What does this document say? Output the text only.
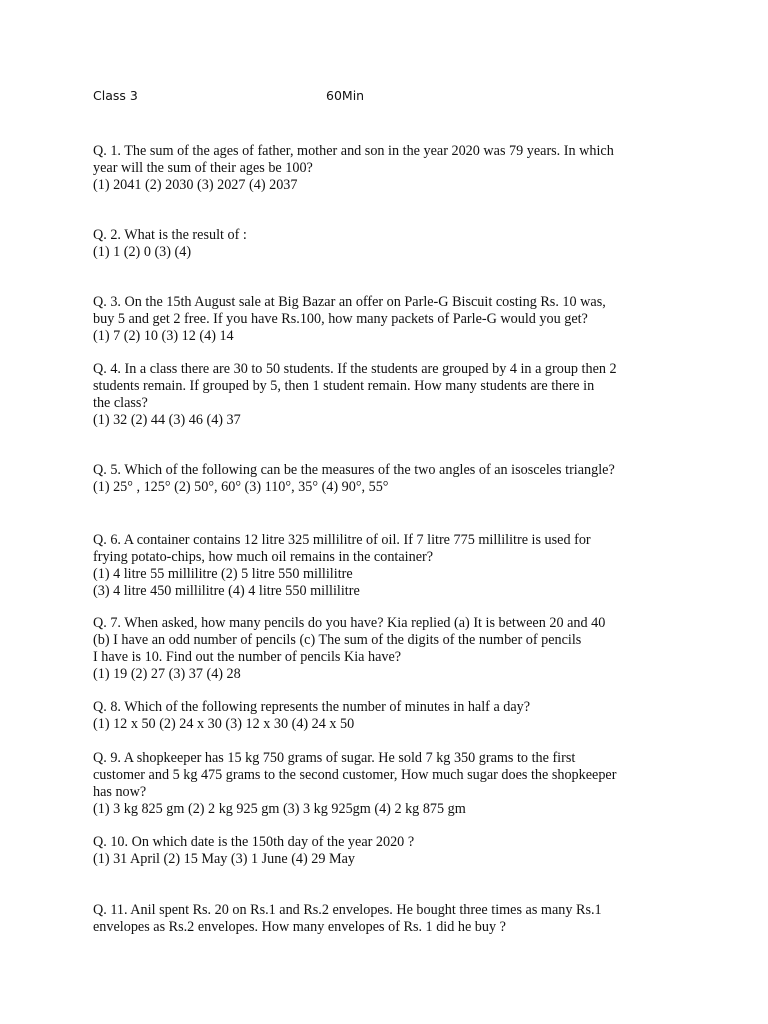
Class 3	60Min
Q. 1. The sum of the ages of father, mother and son in the year 2020 was 79 years. In which
year will the sum of their ages be 100?
(1) 2041 (2) 2030 (3) 2027 (4) 2037
Q. 2. What is the result of :
(1) 1 (2) 0 (3) (4)
Q. 3. On the 15th August sale at Big Bazar an offer on Parle-G Biscuit costing Rs. 10 was,
buy 5 and get 2 free. If you have Rs.100, how many packets of Parle-G would you get?
(1) 7 (2) 10 (3) 12 (4) 14
Q. 4. In a class there are 30 to 50 students. If the students are grouped by 4 in a group then 2
students remain. If grouped by 5, then 1 student remain. How many students are there in
the class?
(1) 32 (2) 44 (3) 46 (4) 37
Q. 5. Which of the following can be the measures of the two angles of an isosceles triangle?
(1) 25° , 125° (2) 50°, 60° (3) 110°, 35° (4) 90°, 55°
Q. 6. A container contains 12 litre 325 millilitre of oil. If 7 litre 775 millilitre is used for
frying potato-chips, how much oil remains in the container?
(1) 4 litre 55 millilitre (2) 5 litre 550 millilitre
(3) 4 litre 450 millilitre (4) 4 litre 550 millilitre
Q. 7. When asked, how many pencils do you have? Kia replied (a) It is between 20 and 40
(b) I have an odd number of pencils (c) The sum of the digits of the number of pencils
I have is 10. Find out the number of pencils Kia have?
(1) 19 (2) 27 (3) 37 (4) 28
Q. 8. Which of the following represents the number of minutes in half a day?
(1) 12 x 50 (2) 24 x 30 (3) 12 x 30 (4) 24 x 50
Q. 9. A shopkeeper has 15 kg 750 grams of sugar. He sold 7 kg 350 grams to the first
customer and 5 kg 475 grams to the second customer, How much sugar does the shopkeeper
has now?
(1) 3 kg 825 gm (2) 2 kg 925 gm (3) 3 kg 925gm (4) 2 kg 875 gm
Q. 10. On which date is the 150th day of the year 2020 ?
(1) 31 April (2) 15 May (3) 1 June (4) 29 May
Q. 11. Anil spent Rs. 20 on Rs.1 and Rs.2 envelopes. He bought three times as many Rs.1
envelopes as Rs.2 envelopes. How many envelopes of Rs. 1 did he buy ?
